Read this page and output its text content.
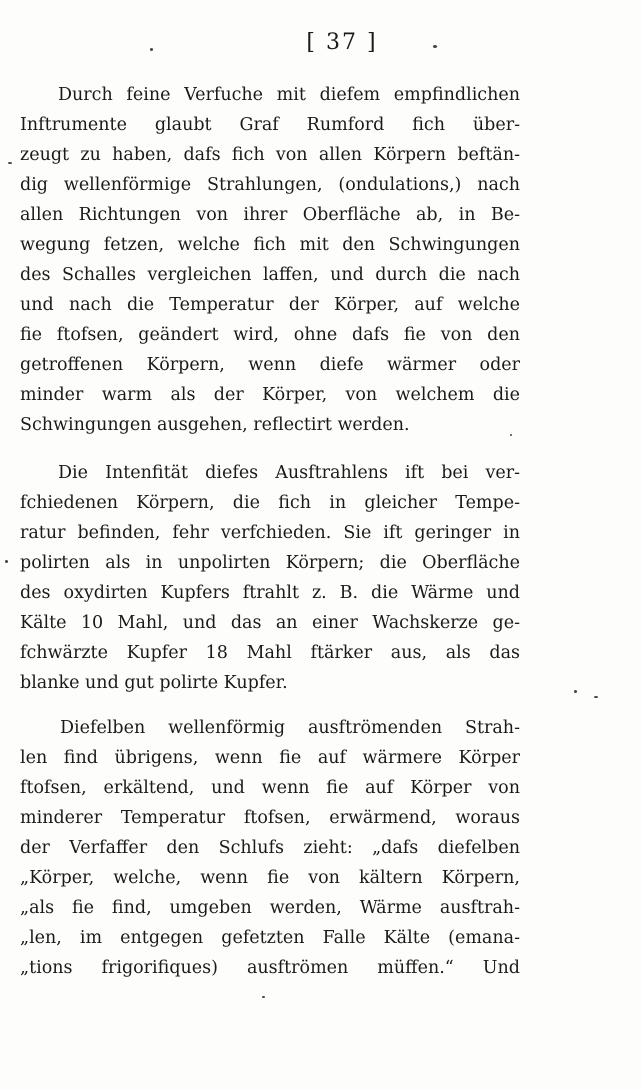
[ 37 ]
Durch feine Verfuche mit diefem empfindlichen
Inftrumente glaubt Graf Rumford fich über-
zeugt zu haben, dafs fich von allen Körpern beftän-
dig wellenförmige Strahlungen, (ondulations,) nach
allen Richtungen von ihrer Oberfläche ab, in Be-
wegung fetzen, welche fich mit den Schwingungen
des Schalles vergleichen laffen, und durch die nach
und nach die Temperatur der Körper, auf welche
fie ftofsen, geändert wird, ohne dafs fie von den
getroffenen Körpern, wenn diefe wärmer oder
minder warm als der Körper, von welchem die
Schwingungen ausgehen, reflectirt werden.
Die Intenfität diefes Ausftrahlens ift bei ver-
fchiedenen Körpern, die fich in gleicher Tempe-
ratur befinden, fehr verfchieden. Sie ift geringer in
polirten als in unpolirten Körpern; die Oberfläche
des oxydirten Kupfers ftrahlt z. B. die Wärme und
Kälte 10 Mahl, und das an einer Wachskerze ge-
fchwärzte Kupfer 18 Mahl ftärker aus, als das
blanke und gut polirte Kupfer.
Diefelben wellenförmig ausftrömenden Strah-
len find übrigens, wenn fie auf wärmere Körper
ftofsen, erkältend, und wenn fie auf Körper von
minderer Temperatur ftofsen, erwärmend, woraus
der Verfaffer den Schlufs zieht: „dafs diefelben
„Körper, welche, wenn fie von kältern Körpern,
„als fie find, umgeben werden, Wärme ausftrah-
„len, im entgegen gefetzten Falle Kälte (emana-
„tions frigorifiques) ausftrömen müffen.“ Und
